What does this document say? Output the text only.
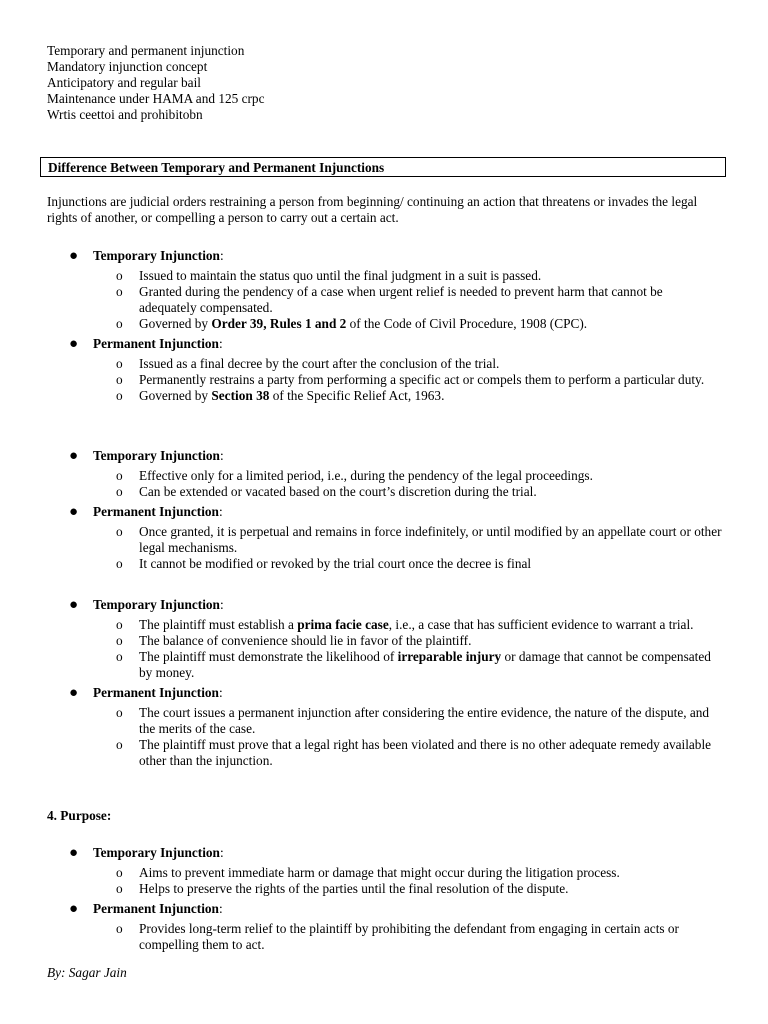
Temporary and permanent injunction
Mandatory injunction concept
Anticipatory and regular bail
Maintenance under HAMA and 125 crpc
Wrtis ceettoi and prohibitobn
Difference Between Temporary and Permanent Injunctions
Injunctions are judicial orders restraining a person from beginning/ continuing an action that threatens or invades the legal rights of another, or compelling a person to carry out a certain act.
● Temporary Injunction:
o Issued to maintain the status quo until the final judgment in a suit is passed.
o Granted during the pendency of a case when urgent relief is needed to prevent harm that cannot be adequately compensated.
o Governed by Order 39, Rules 1 and 2 of the Code of Civil Procedure, 1908 (CPC).
● Permanent Injunction:
o Issued as a final decree by the court after the conclusion of the trial.
o Permanently restrains a party from performing a specific act or compels them to perform a particular duty.
o Governed by Section 38 of the Specific Relief Act, 1963.
● Temporary Injunction:
o Effective only for a limited period, i.e., during the pendency of the legal proceedings.
o Can be extended or vacated based on the court’s discretion during the trial.
● Permanent Injunction:
o Once granted, it is perpetual and remains in force indefinitely, or until modified by an appellate court or other legal mechanisms.
o It cannot be modified or revoked by the trial court once the decree is final
● Temporary Injunction:
o The plaintiff must establish a prima facie case, i.e., a case that has sufficient evidence to warrant a trial.
o The balance of convenience should lie in favor of the plaintiff.
o The plaintiff must demonstrate the likelihood of irreparable injury or damage that cannot be compensated by money.
● Permanent Injunction:
o The court issues a permanent injunction after considering the entire evidence, the nature of the dispute, and the merits of the case.
o The plaintiff must prove that a legal right has been violated and there is no other adequate remedy available other than the injunction.
4. Purpose:
● Temporary Injunction:
o Aims to prevent immediate harm or damage that might occur during the litigation process.
o Helps to preserve the rights of the parties until the final resolution of the dispute.
● Permanent Injunction:
o Provides long-term relief to the plaintiff by prohibiting the defendant from engaging in certain acts or compelling them to act.
By: Sagar Jain
